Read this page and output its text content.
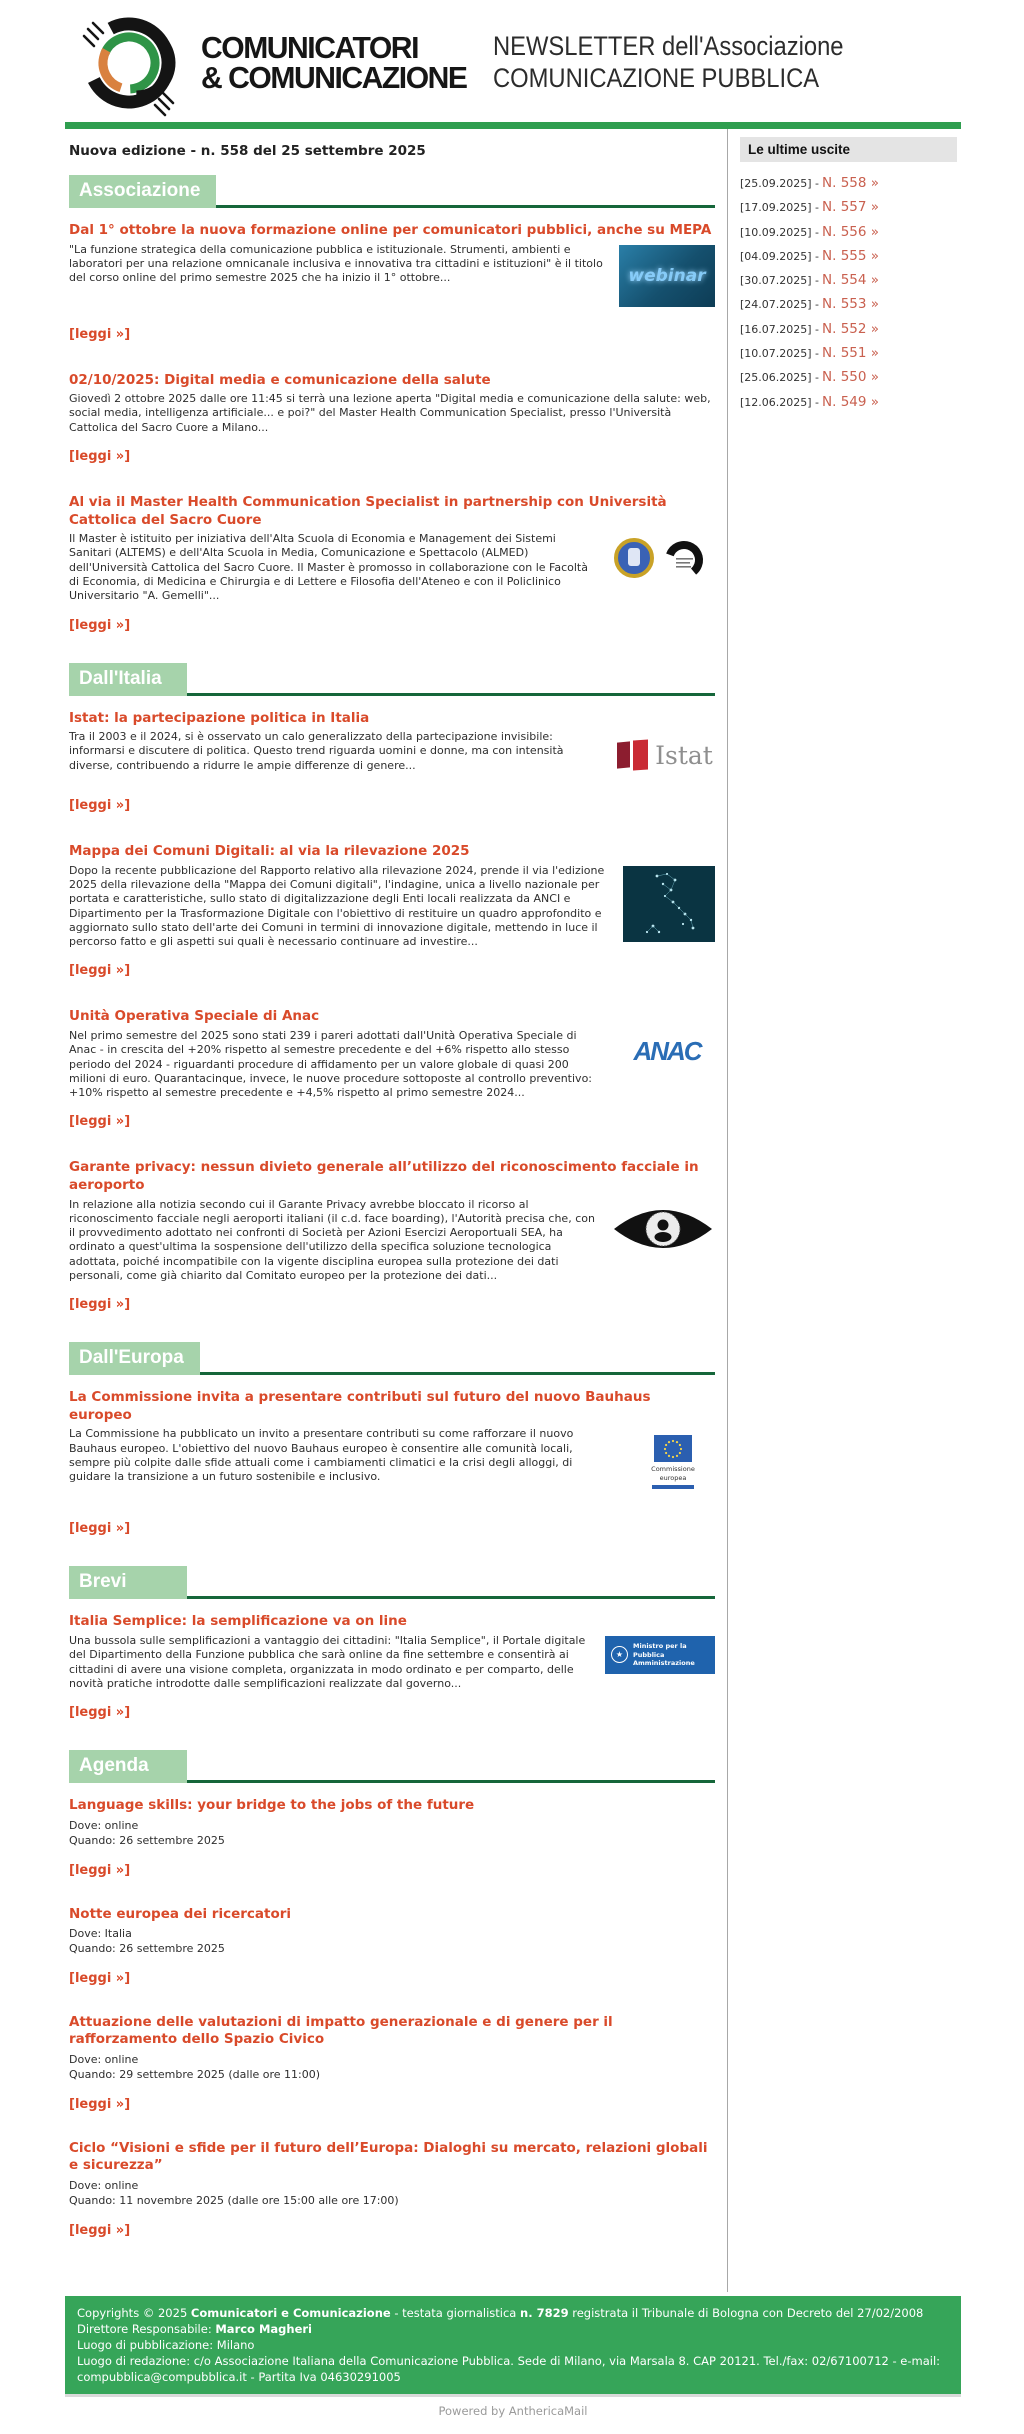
COMUNICATORI
& COMUNICAZIONE
NEWSLETTER dell'Associazione
COMUNICAZIONE PUBBLICA
Nuova edizione - n. 558 del 25 settembre 2025
Associazione
Dal 1° ottobre la nuova formazione online per comunicatori pubblici, anche su MEPA
webinar
"La funzione strategica della comunicazione pubblica e istituzionale. Strumenti, ambienti e laboratori per una relazione omnicanale inclusiva e innovativa tra cittadini e istituzioni" è il titolo del corso online del primo semestre 2025 che ha inizio il 1° ottobre...
[leggi »]
02/10/2025: Digital media e comunicazione della salute
Giovedì 2 ottobre 2025 dalle ore 11:45 si terrà una lezione aperta "Digital media e comunicazione della salute: web, social media, intelligenza artificiale... e poi?" del Master Health Communication Specialist, presso l'Università Cattolica del Sacro Cuore a Milano...
[leggi »]
Al via il Master Health Communication Specialist in partnership con Università Cattolica del Sacro Cuore
Il Master è istituito per iniziativa dell'Alta Scuola di Economia e Management dei Sistemi Sanitari (ALTEMS) e dell'Alta Scuola in Media, Comunicazione e Spettacolo (ALMED) dell'Università Cattolica del Sacro Cuore. Il Master è promosso in collaborazione con le Facoltà di Economia, di Medicina e Chirurgia e di Lettere e Filosofia dell'Ateneo e con il Policlinico Universitario "A. Gemelli"...
[leggi »]
Dall'Italia
Istat: la partecipazione politica in Italia
Istat
Tra il 2003 e il 2024, si è osservato un calo generalizzato della partecipazione invisibile: informarsi e discutere di politica. Questo trend riguarda uomini e donne, ma con intensità diverse, contribuendo a ridurre le ampie differenze di genere...
[leggi »]
Mappa dei Comuni Digitali: al via la rilevazione 2025
Dopo la recente pubblicazione del Rapporto relativo alla rilevazione 2024, prende il via l'edizione 2025 della rilevazione della "Mappa dei Comuni digitali", l'indagine, unica a livello nazionale per portata e caratteristiche, sullo stato di digitalizzazione degli Enti locali realizzata da ANCI e Dipartimento per la Trasformazione Digitale con l'obiettivo di restituire un quadro approfondito e aggiornato sullo stato dell'arte dei Comuni in termini di innovazione digitale, mettendo in luce il percorso fatto e gli aspetti sui quali è necessario continuare ad investire...
[leggi »]
Unità Operativa Speciale di Anac
ANAC
Nel primo semestre del 2025 sono stati 239 i pareri adottati dall'Unità Operativa Speciale di Anac - in crescita del +20% rispetto al semestre precedente e del +6% rispetto allo stesso periodo del 2024 - riguardanti procedure di affidamento per un valore globale di quasi 200 milioni di euro. Quarantacinque, invece, le nuove procedure sottoposte al controllo preventivo: +10% rispetto al semestre precedente e +4,5% rispetto al primo semestre 2024...
[leggi »]
Garante privacy: nessun divieto generale all’utilizzo del riconoscimento facciale in aeroporto
In relazione alla notizia secondo cui il Garante Privacy avrebbe bloccato il ricorso al riconoscimento facciale negli aeroporti italiani (il c.d. face boarding), l'Autorità precisa che, con il provvedimento adottato nei confronti di Società per Azioni Esercizi Aeroportuali SEA, ha ordinato a quest'ultima la sospensione dell'utilizzo della specifica soluzione tecnologica adottata, poiché incompatibile con la vigente disciplina europea sulla protezione dei dati personali, come già chiarito dal Comitato europeo per la protezione dei dati...
[leggi »]
Dall'Europa
La Commissione invita a presentare contributi sul futuro del nuovo Bauhaus europeo
Commissione
europea
La Commissione ha pubblicato un invito a presentare contributi su come rafforzare il nuovo Bauhaus europeo. L'obiettivo del nuovo Bauhaus europeo è consentire alle comunità locali, sempre più colpite dalle sfide attuali come i cambiamenti climatici e la crisi degli alloggi, di guidare la transizione a un futuro sostenibile e inclusivo.
[leggi »]
Brevi
Italia Semplice: la semplificazione va on line
★
Ministro per la
Pubblica Amministrazione
Una bussola sulle semplificazioni a vantaggio dei cittadini: "Italia Semplice", il Portale digitale del Dipartimento della Funzione pubblica che sarà online da fine settembre e consentirà ai cittadini di avere una visione completa, organizzata in modo ordinato e per comparto, delle novità pratiche introdotte dalle semplificazioni realizzate dal governo...
[leggi »]
Agenda
Language skills: your bridge to the jobs of the future
Dove: online
Quando: 26 settembre 2025
[leggi »]
Notte europea dei ricercatori
Dove: Italia
Quando: 26 settembre 2025
[leggi »]
Attuazione delle valutazioni di impatto generazionale e di genere per il rafforzamento dello Spazio Civico
Dove: online
Quando: 29 settembre 2025 (dalle ore 11:00)
[leggi »]
Ciclo “Visioni e sfide per il futuro dell’Europa: Dialoghi su mercato, relazioni globali e sicurezza”
Dove: online
Quando: 11 novembre 2025 (dalle ore 15:00 alle ore 17:00)
[leggi »]
Le ultime uscite
[25.09.2025] - N. 558 »
[17.09.2025] - N. 557 »
[10.09.2025] - N. 556 »
[04.09.2025] - N. 555 »
[30.07.2025] - N. 554 »
[24.07.2025] - N. 553 »
[16.07.2025] - N. 552 »
[10.07.2025] - N. 551 »
[25.06.2025] - N. 550 »
[12.06.2025] - N. 549 »
Copyrights © 2025 Comunicatori e Comunicazione - testata giornalistica n. 7829 registrata il Tribunale di Bologna con Decreto del 27/02/2008
Direttore Responsabile: Marco Magheri
Luogo di pubblicazione: Milano
Luogo di redazione: c/o Associazione Italiana della Comunicazione Pubblica. Sede di Milano, via Marsala 8. CAP 20121. Tel./fax: 02/67100712 - e-mail: compubblica@compubblica.it - Partita Iva 04630291005
Powered by AnthericaMail
